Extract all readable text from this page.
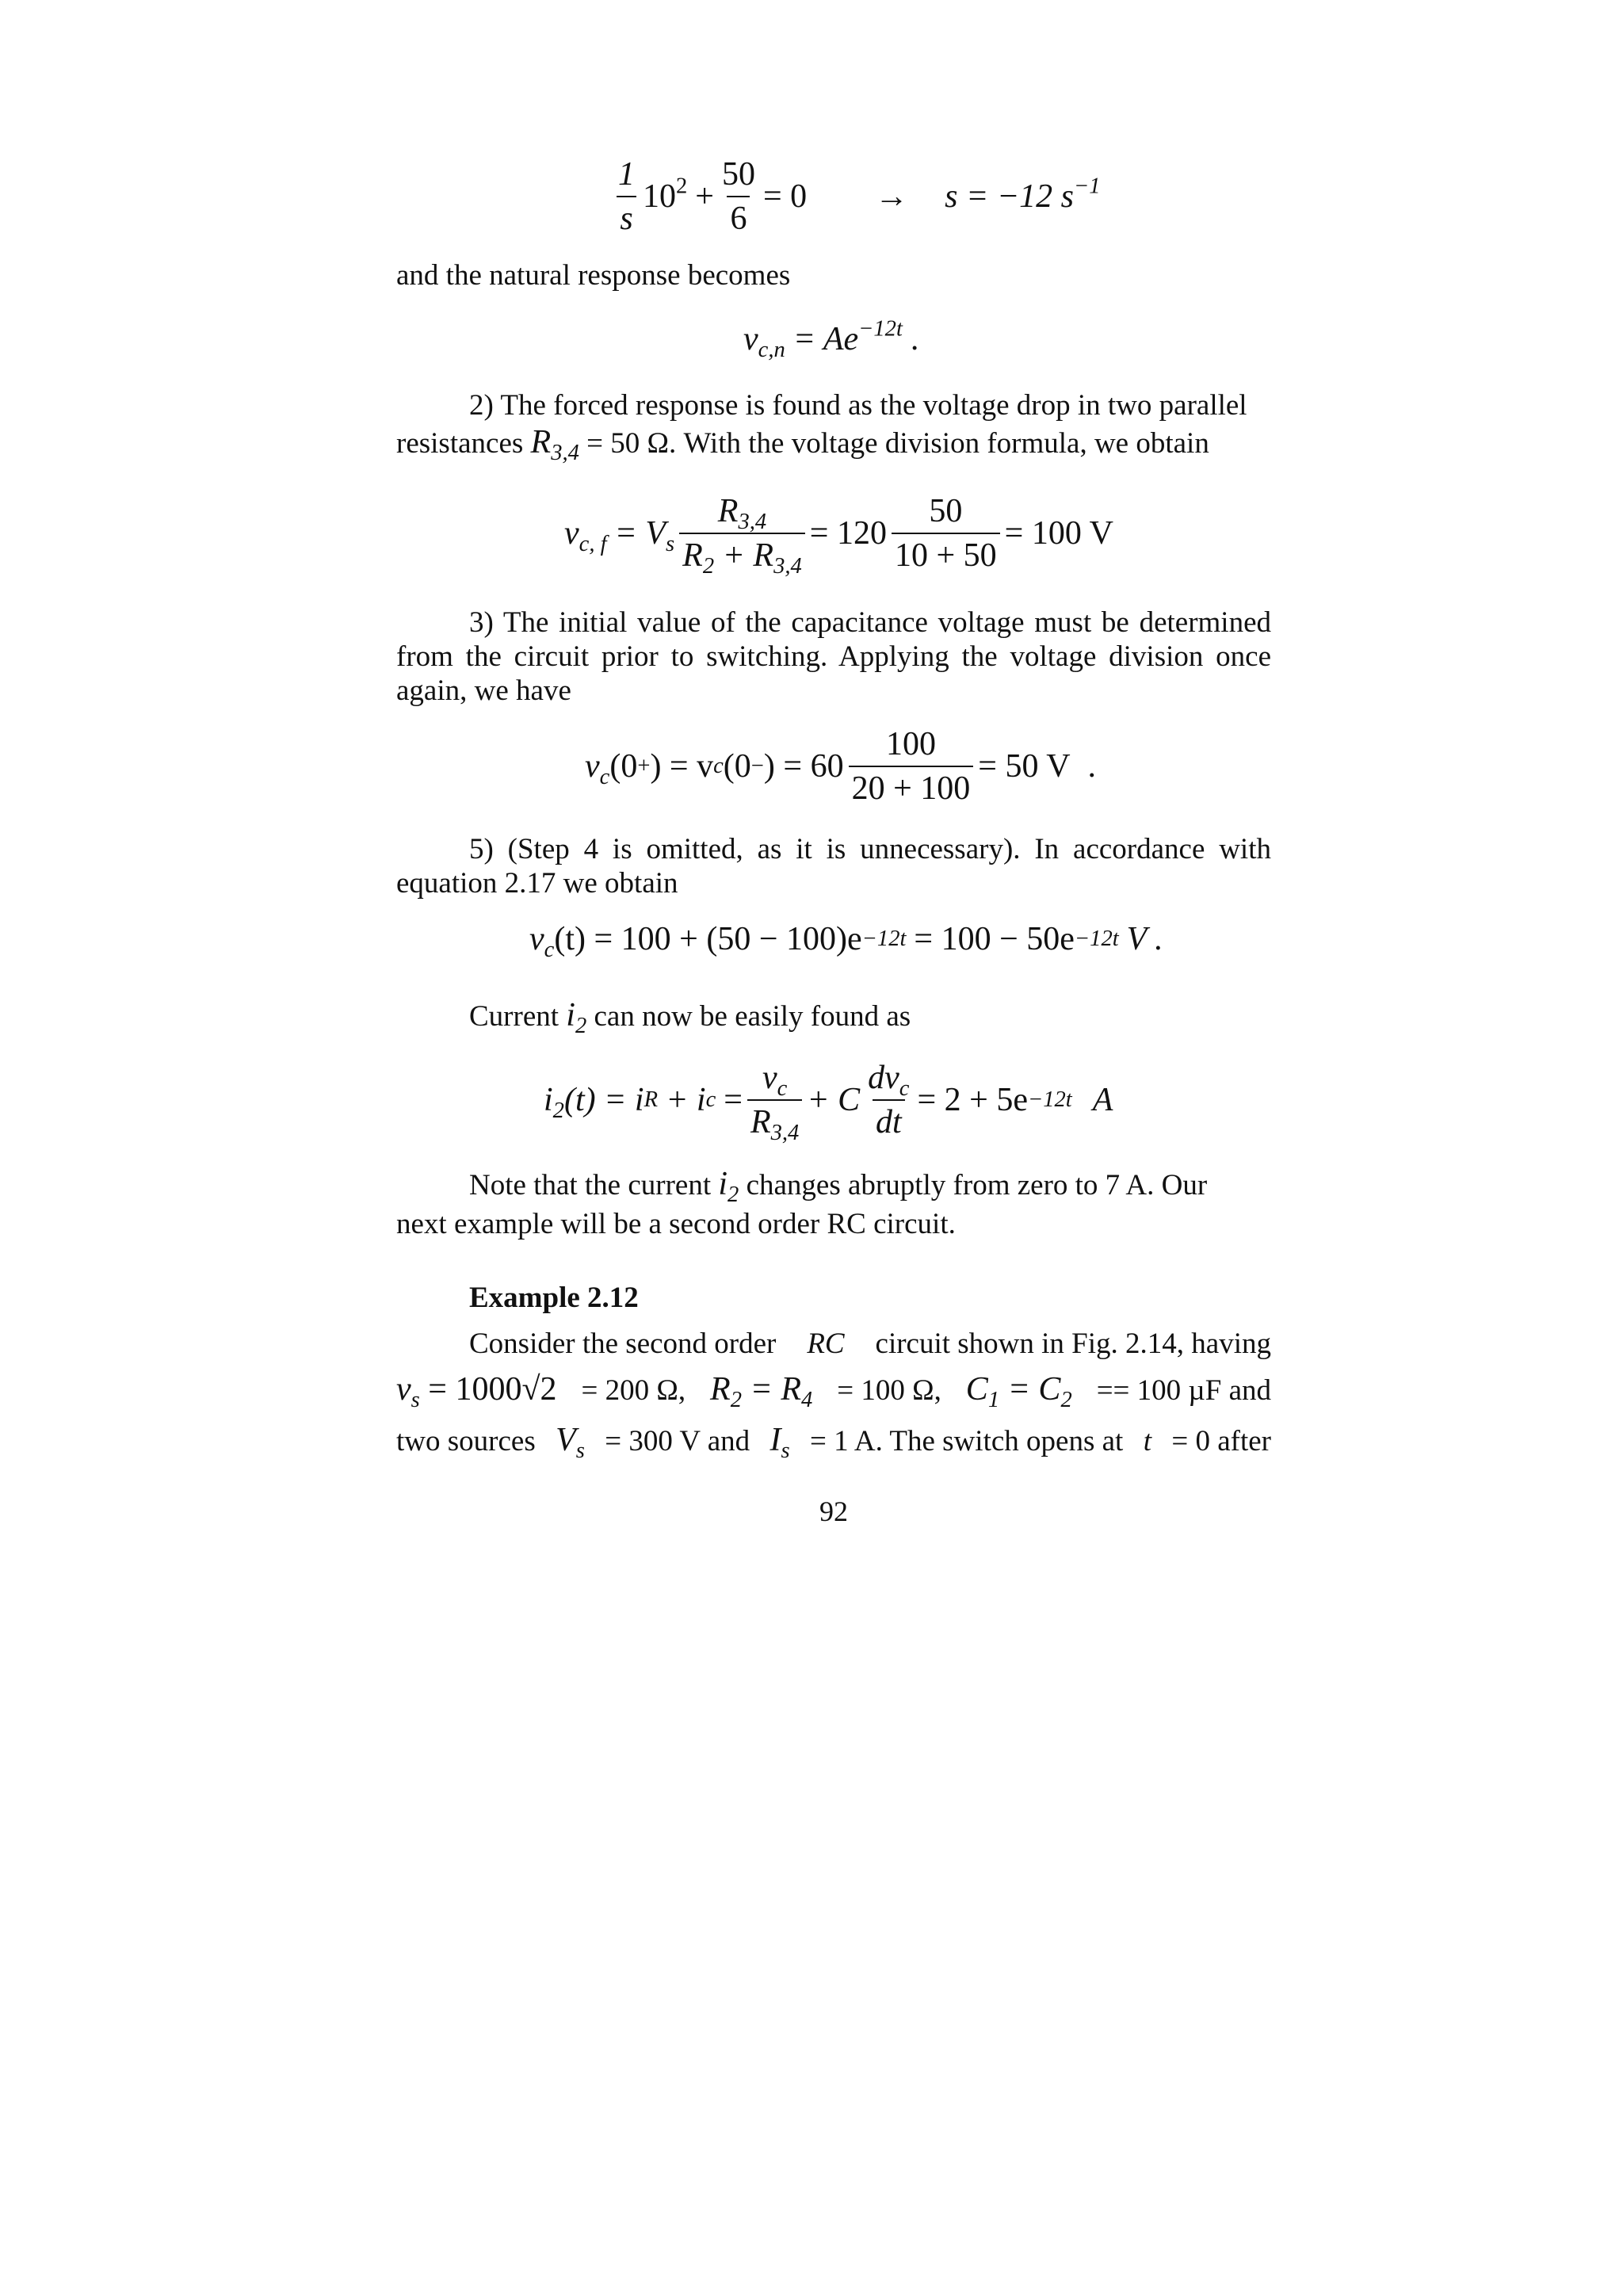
$\frac{1}{s} 10^2 + \frac{50}{6} = 0 \to s = -12$ $s^{-1}$
and the natural response becomes
$v_{c,n} = Ae^{-12t}$ .
2) The forced response is found as the voltage drop in two parallel
resistances $R_{3,4} = 50$ Ω. With the voltage division formula, we obtain
$v_{c, f} = V_s \frac{R_{3,4}}{R_2 + R_{3,4}} = 120 \frac{50}{10 + 50} = 100$ V
3) The initial value of the capacitance voltage must be determined from the circuit prior to switching. Applying the voltage division once again, we have
$v_c$ (0 + ) = v c (0 − ) = $60 \frac{100}{20 + 100} = 50$ V .
5) (Step 4 is omitted, as it is unnecessary). In accordance with equation 2.17 we obtain
$v_c$ (t) = 100 + (50 − 100)e −12t = 100 − 50e −12t V .
Current $i_2$ can now be easily found as
$i_2$ (t) = i R + i $c = \frac{v_c}{R_{3,4}} + C \frac{dv_c}{dt} = 2 + 5e -12t$ A
Note that the current $i_2$ changes abruptly from zero to 7 A. Our
next example will be a second order RC circuit.
Example 2.12
Consider the second order RC circuit shown in Fig. 2.14, having
$v_s = 1000√2 = 200$ Ω, $R_2 = R_4 = 100$ Ω, $C_1 = C_2 == 100$ µF and
two sources $V_s = 300$ V and $I_s = 1$ A. The switch opens at t = 0 after
92
